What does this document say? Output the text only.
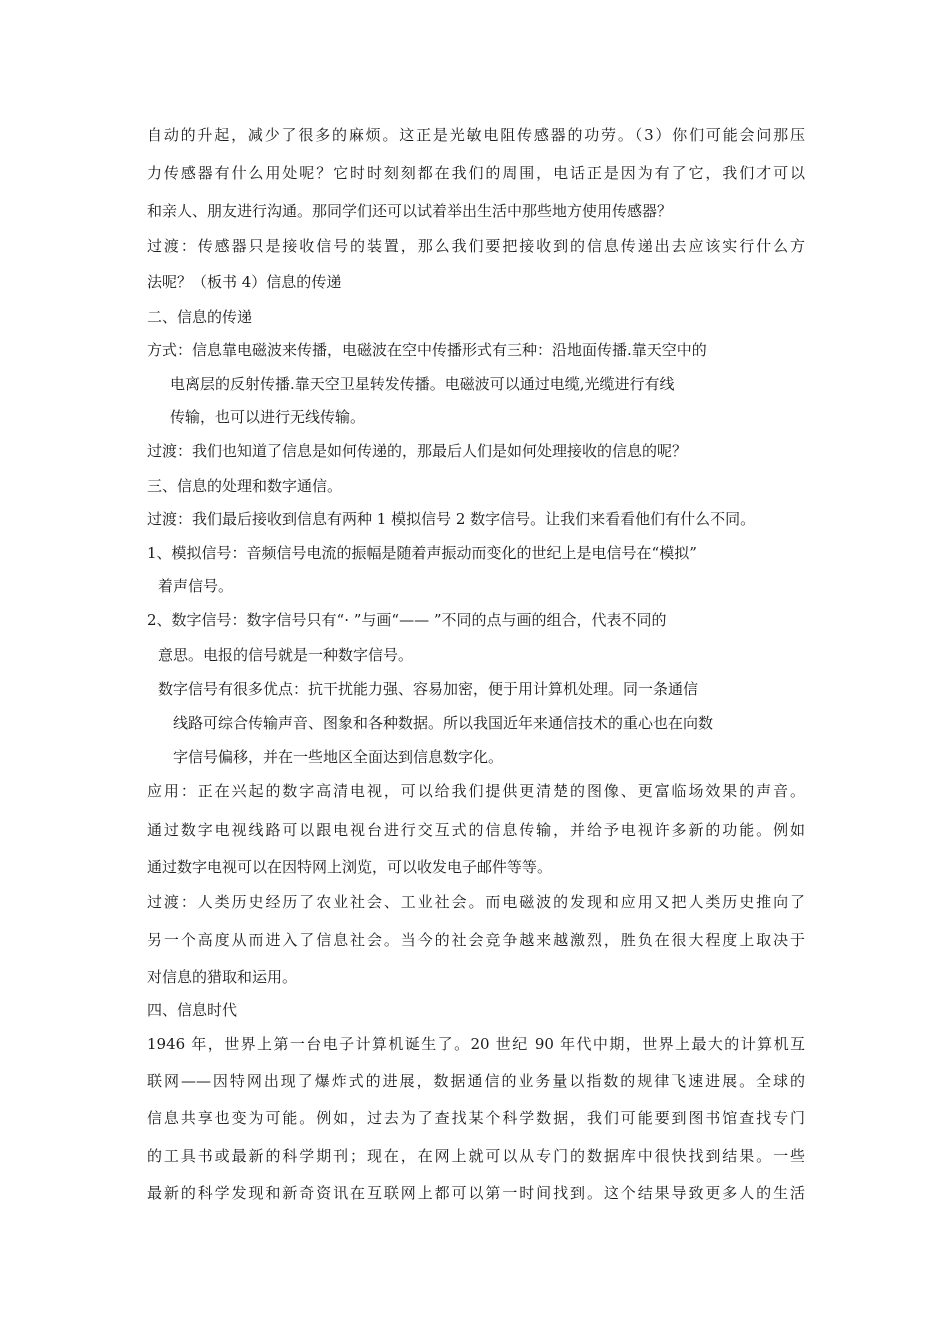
自动的升起，减少了很多的麻烦。这正是光敏电阻传感器的功劳。（3）你们可能会问那压
力传感器有什么用处呢？它时时刻刻都在我们的周围，电话正是因为有了它，我们才可以
和亲人、朋友进行沟通。那同学们还可以试着举出生活中那些地方使用传感器？
过渡：传感器只是接收信号的装置，那么我们要把接收到的信息传递出去应该实行什么方
法呢？（板书 4）信息的传递
二、信息的传递
方式：信息靠电磁波来传播，电磁波在空中传播形式有三种：沿地面传播.靠天空中的
电离层的反射传播.靠天空卫星转发传播。电磁波可以通过电缆,光缆进行有线
传输，也可以进行无线传输。
过渡：我们也知道了信息是如何传递的，那最后人们是如何处理接收的信息的呢？
三、信息的处理和数字通信。
过渡：我们最后接收到信息有两种 1 模拟信号 2 数字信号。让我们来看看他们有什么不同。
1、模拟信号：音频信号电流的振幅是随着声振动而变化的世纪上是电信号在“模拟”
着声信号。
2、数字信号：数字信号只有“· ”与画“—— ”不同的点与画的组合，代表不同的
意思。电报的信号就是一种数字信号。
数字信号有很多优点：抗干扰能力强、容易加密，便于用计算机处理。同一条通信
线路可综合传输声音、图象和各种数据。所以我国近年来通信技术的重心也在向数
字信号偏移，并在一些地区全面达到信息数字化。
应用：正在兴起的数字高清电视，可以给我们提供更清楚的图像、更富临场效果的声音。
通过数字电视线路可以跟电视台进行交互式的信息传输，并给予电视许多新的功能。例如
通过数字电视可以在因特网上浏览，可以收发电子邮件等等。
过渡：人类历史经历了农业社会、工业社会。而电磁波的发现和应用又把人类历史推向了
另一个高度从而进入了信息社会。当今的社会竞争越来越激烈，胜负在很大程度上取决于
对信息的猎取和运用。
四、信息时代
1946 年，世界上第一台电子计算机诞生了。20 世纪 90 年代中期，世界上最大的计算机互
联网——因特网出现了爆炸式的进展，数据通信的业务量以指数的规律飞速进展。全球的
信息共享也变为可能。例如，过去为了查找某个科学数据，我们可能要到图书馆查找专门
的工具书或最新的科学期刊；现在，在网上就可以从专门的数据库中很快找到结果。一些
最新的科学发现和新奇资讯在互联网上都可以第一时间找到。这个结果导致更多人的生活
